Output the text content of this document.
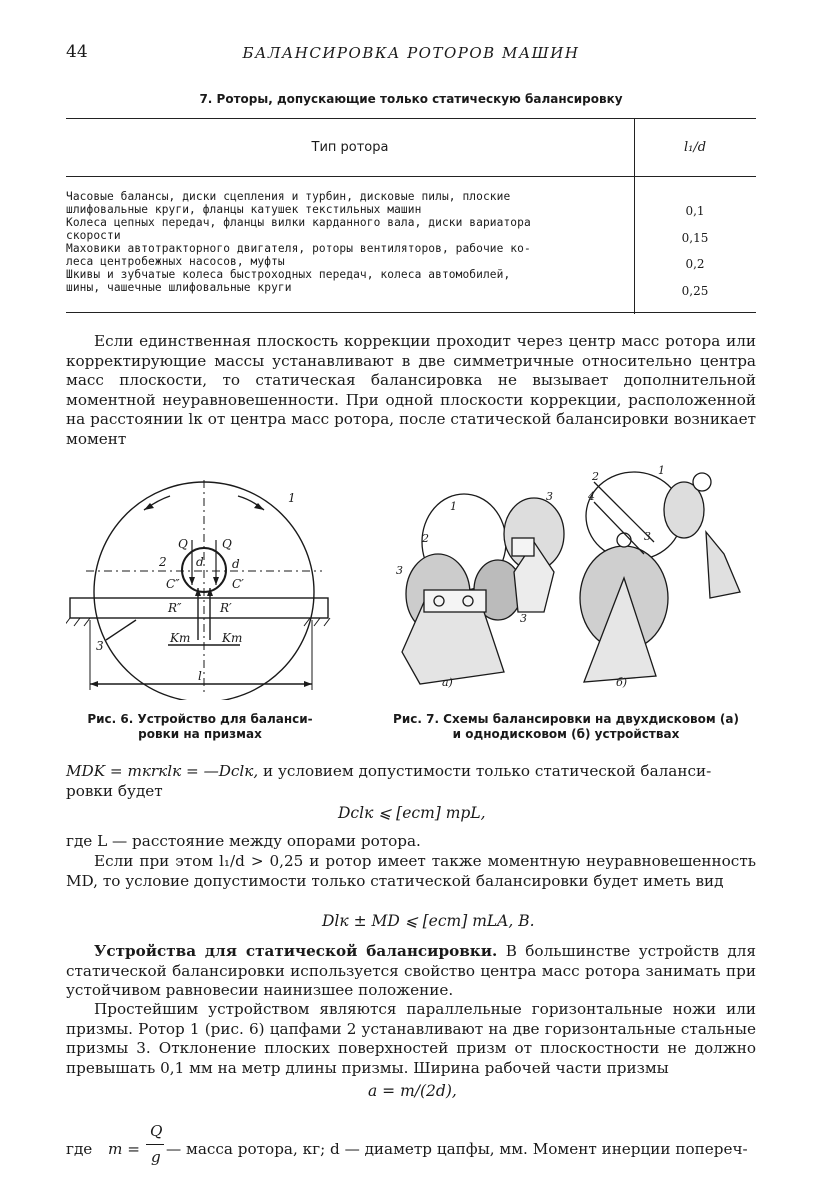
44	БАЛАНСИРОВКА РОТОРОВ МАШИН
7. Роторы, допускающие только статическую балансировку
Тип ротора	l₁/d
Часовые балансы, диски сцепления и турбин, дисковые пилы, плоские
шлифовальные круги, фланцы катушек текстильных машин	0,1
Колеса цепных передач, фланцы вилки карданного вала, диски вариатора
скорости	0,15
Маховики автотракторного двигателя, роторы вентиляторов, рабочие ко-
леса центробежных насосов, муфты	0,2
Шкивы и зубчатые колеса быстроходных передач, колеса автомобилей,
шины, чашечные шлифовальные круги	0,25
Если единственная плоскость коррекции проходит через центр масс ротора или корректирующие массы устанавливают в две симметричные относительно центра масс плоскости, то статическая балансировка не вызывает дополнительной моментной неуравновешенности. При одной плоскости коррекции, расположенной на расстоянии lк от центра масс ротора, после статической балансировки возникает момент
1
2
3
Q	Q
d d
C″	C′
R″	R′
Kт	Kт
l
1
2
3
3
3
1
2
3
4
а)	б)
Рис. 6. Устройство для баланси-
ровки на призмах
Рис. 7. Схемы балансировки на двухдисковом (а)
и однодисковом (б) устройствах
MDK = mкrкlк = —Dсlк, и условием допустимости только статической баланси-
ровки будет
Dсlк ⩽ [eст] mрL,
где L — расстояние между опорами ротора.
Если при этом l₁/d > 0,25 и ротор имеет также моментную неуравновешенность MD, то условие допустимости только статической балансировки будет иметь вид
Dlк ± MD ⩽ [eст] mLA, B.
Устройства для статической балансировки. В большинстве устройств для статической балансировки используется свойство центра масс ротора занимать при устойчивом равновесии наинизшее положение.
Простейшим устройством являются параллельные горизонтальные ножи или призмы. Ротор 1 (рис. 6) цапфами 2 устанавливают на две горизонтальные стальные призмы 3. Отклонение плоских поверхностей призм от плоскостности не должно превышать 0,1 мм на метр длины призмы. Ширина рабочей части призмы
a = m/(2d),
где m =
Q
g — масса ротора, кг; d — диаметр цапфы, мм. Момент инерции попереч-
